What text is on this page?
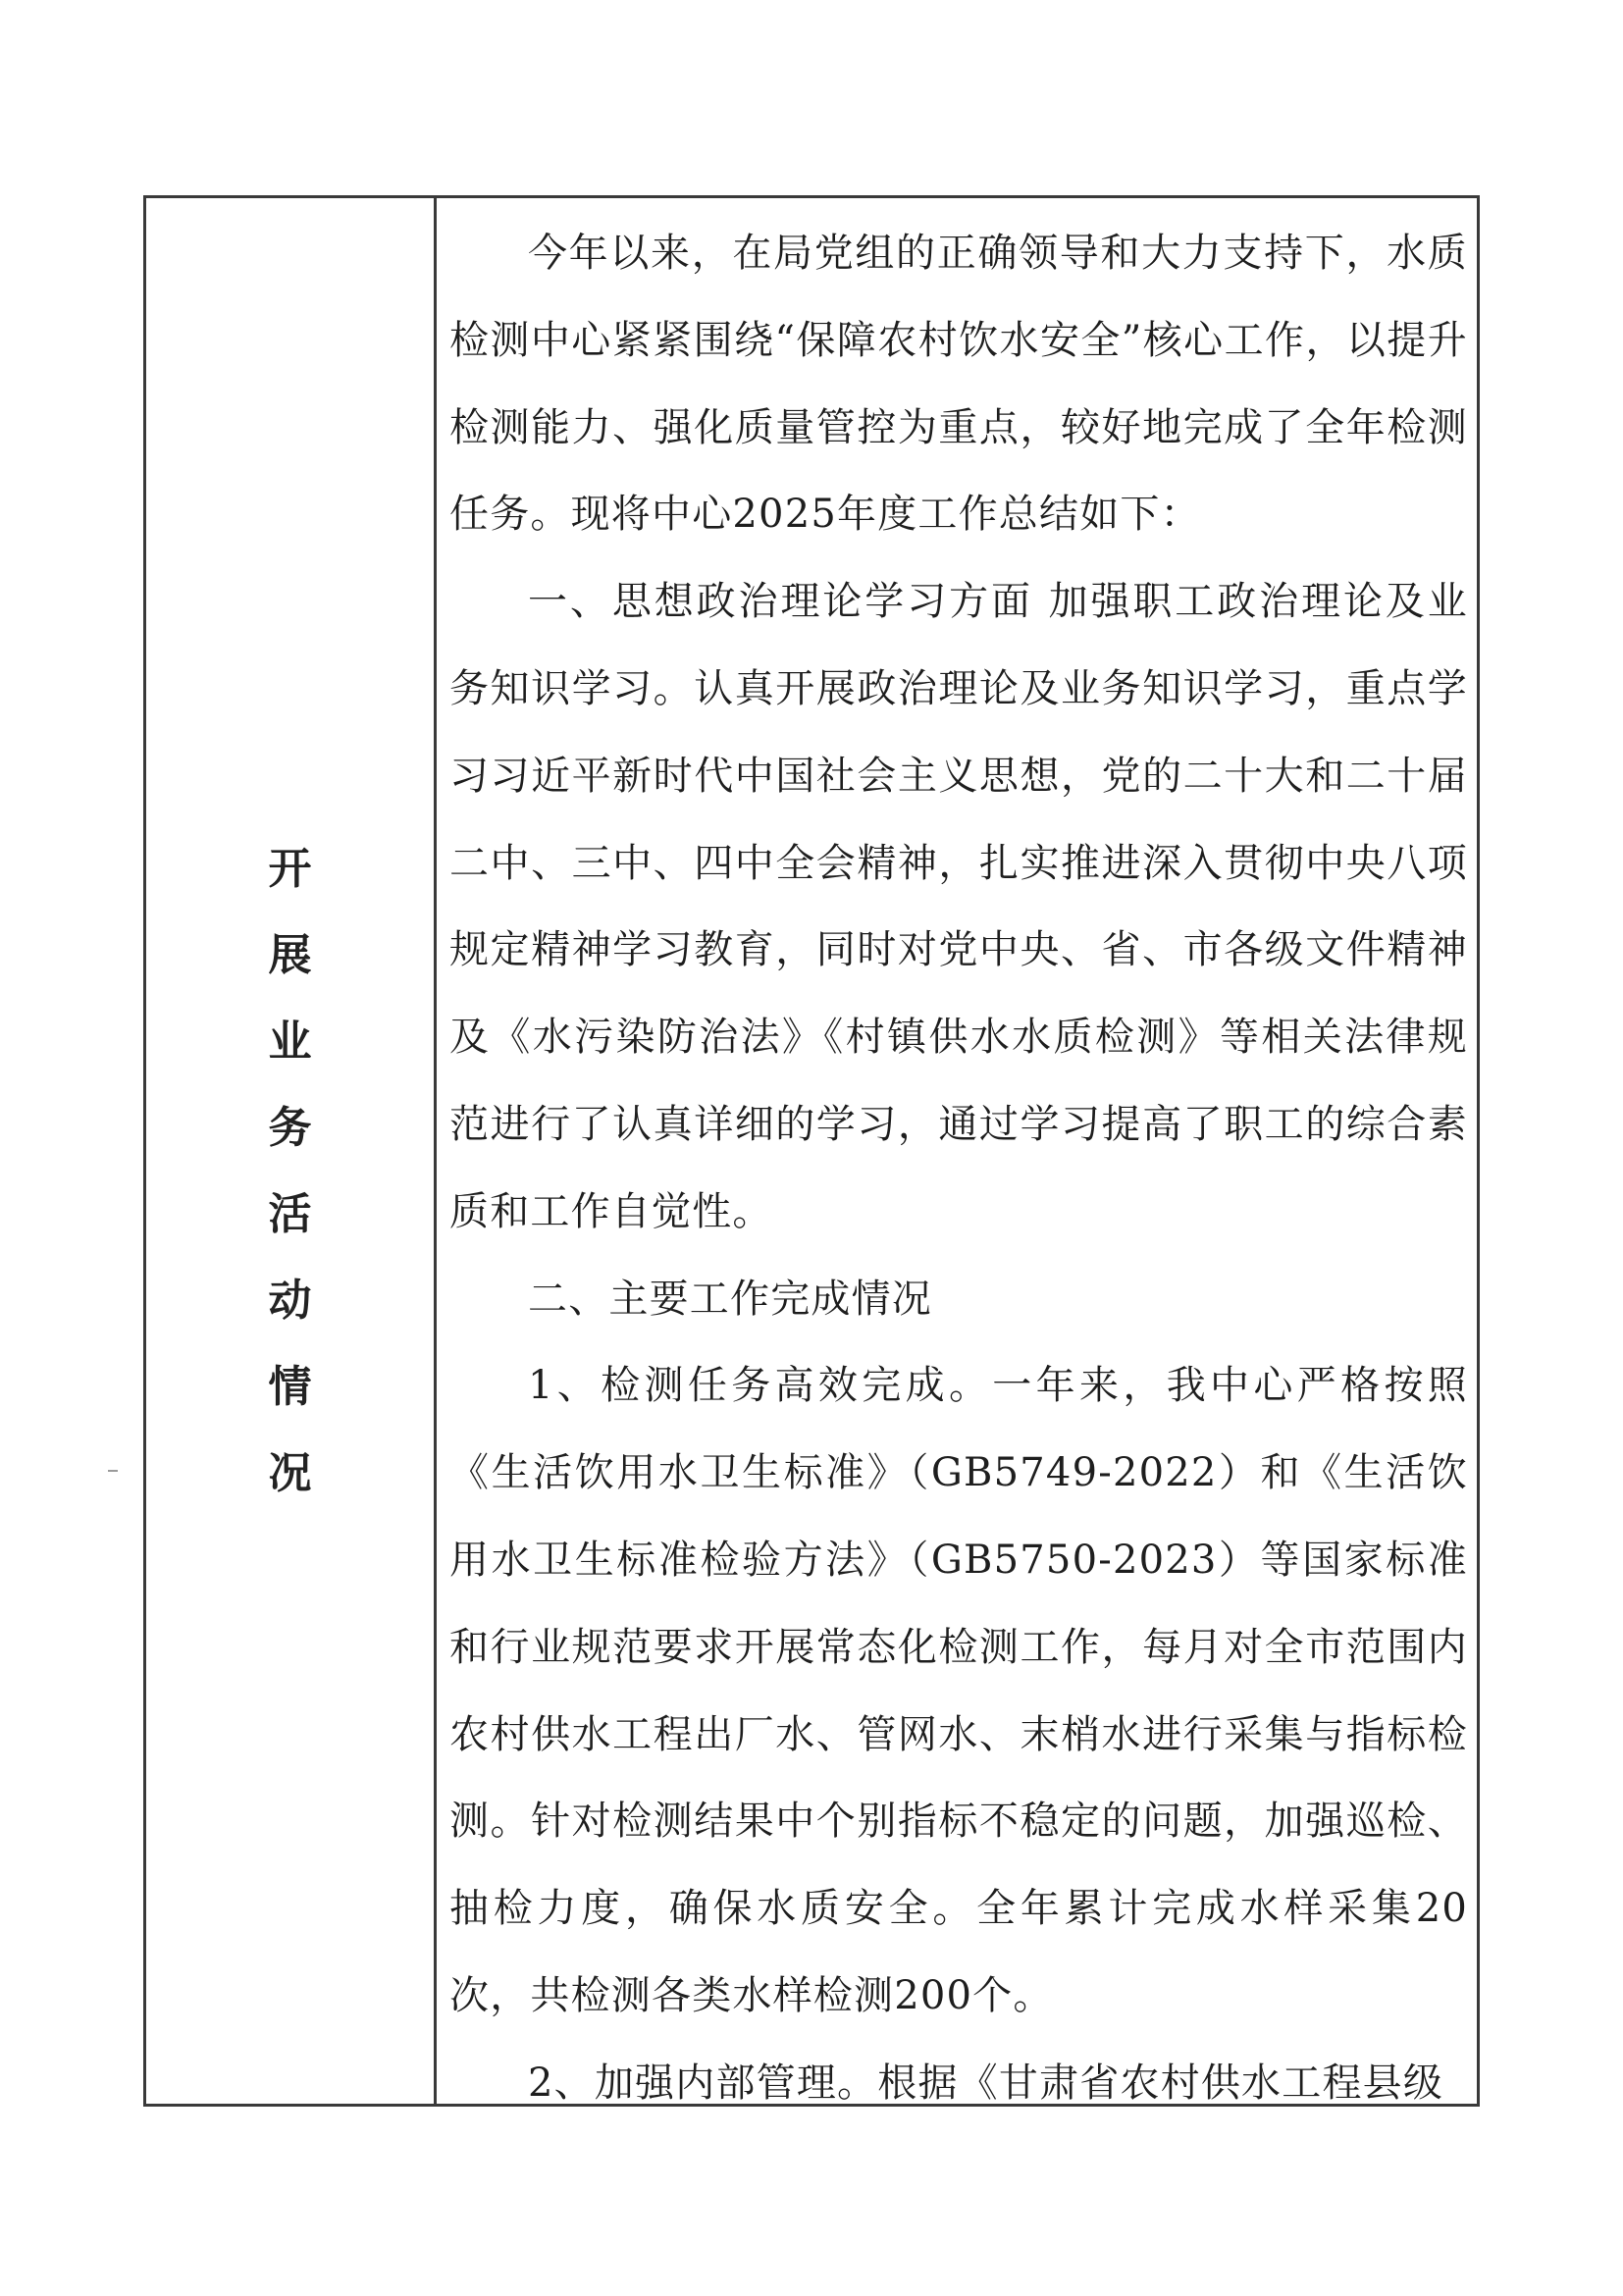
开
展
业
务
活
动
情
况

今年以来，在局党组的正确领导和大力支持下，水质检测中心紧紧围绕“保障农村饮水安全”核心工作，以提升检测能力、强化质量管控为重点，较好地完成了全年检测任务。现将中心2025年度工作总结如下：

一、思想政治理论学习方面 加强职工政治理论及业务知识学习。认真开展政治理论及业务知识学习，重点学习习近平新时代中国社会主义思想，党的二十大和二十届二中、三中、四中全会精神，扎实推进深入贯彻中央八项规定精神学习教育，同时对党中央、省、市各级文件精神及《水污染防治法》《村镇供水水质检测》等相关法律规范进行了认真详细的学习，通过学习提高了职工的综合素质和工作自觉性。

二、主要工作完成情况

1、检测任务高效完成。一年来，我中心严格按照《生活饮用水卫生标准》（GB5749-2022）和《生活饮用水卫生标准检验方法》（GB5750-2023）等国家标准和行业规范要求开展常态化检测工作，每月对全市范围内农村供水工程出厂水、管网水、末梢水进行采集与指标检测。针对检测结果中个别指标不稳定的问题，加强巡检、抽检力度，确保水质安全。全年累计完成水样采集20次，共检测各类水样检测200个。

2、加强内部管理。根据《甘肃省农村供水工程县级
